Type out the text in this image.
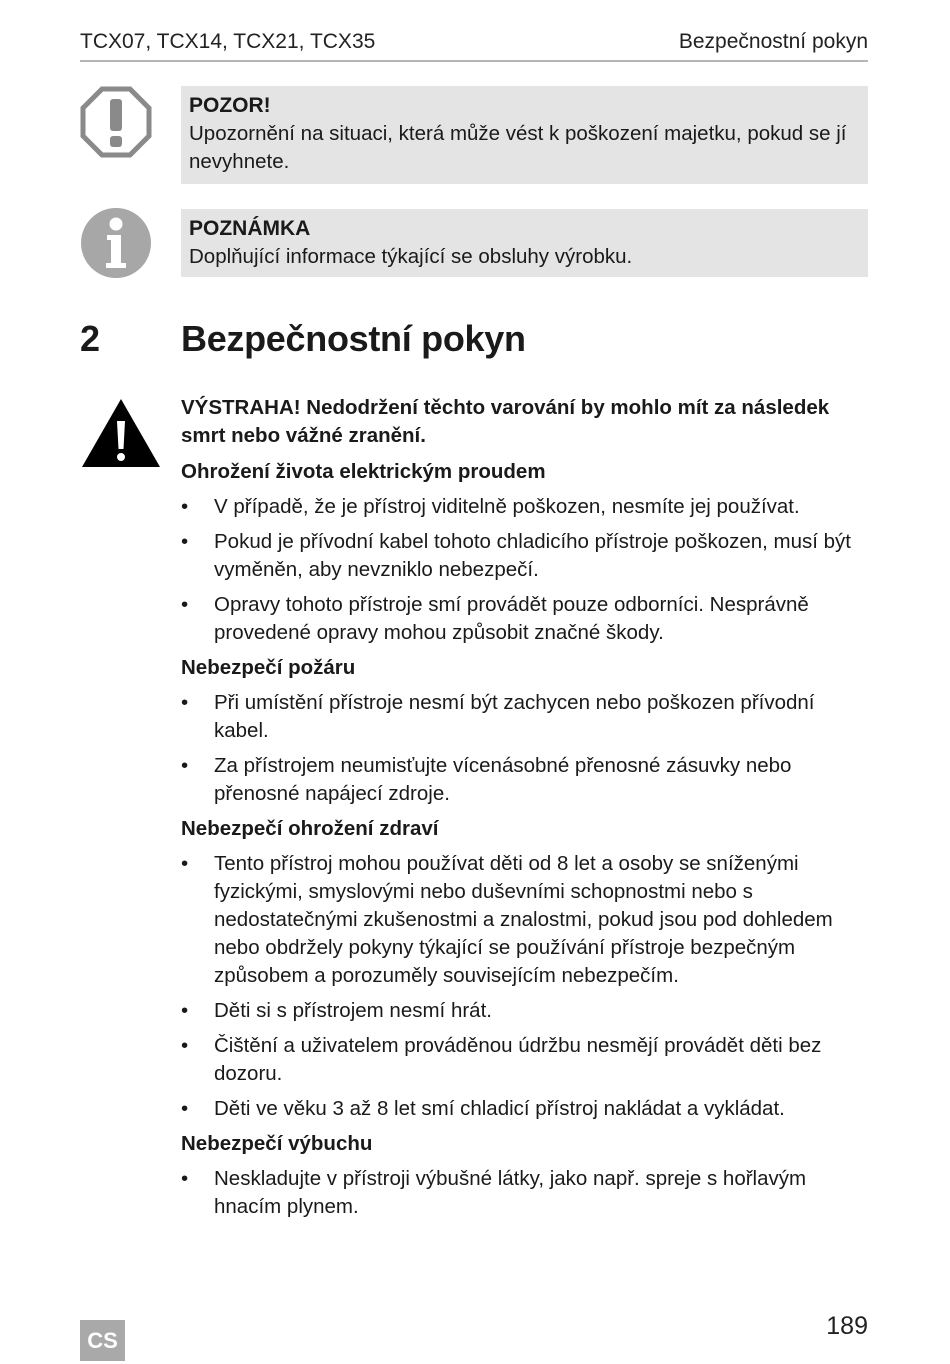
TCX07, TCX14, TCX21, TCX35	Bezpečnostní pokyn
POZOR!
Upozornění na situaci, která může vést k poškození majetku, pokud se jí nevyhnete.
POZNÁMKA
Doplňující informace týkající se obsluhy výrobku.
2 Bezpečnostní pokyn
VÝSTRAHA! Nedodržení těchto varování by mohlo mít za následek smrt nebo vážné zranění.
Ohrožení života elektrickým proudem
• V případě, že je přístroj viditelně poškozen, nesmíte jej používat.
• Pokud je přívodní kabel tohoto chladicího přístroje poškozen, musí být vyměněn, aby nevzniklo nebezpečí.
• Opravy tohoto přístroje smí provádět pouze odborníci. Nesprávně provedené opravy mohou způsobit značné škody.
Nebezpečí požáru
• Při umístění přístroje nesmí být zachycen nebo poškozen přívodní kabel.
• Za přístrojem neumisťujte vícenásobné přenosné zásuvky nebo přenosné napájecí zdroje.
Nebezpečí ohrožení zdraví
• Tento přístroj mohou používat děti od 8 let a osoby se sníženými fyzickými, smyslovými nebo duševními schopnostmi nebo s nedostatečnými zkušenostmi a znalostmi, pokud jsou pod dohledem nebo obdržely pokyny týkající se používání přístroje bezpečným způsobem a porozuměly souvisejícím nebezpečím.
• Děti si s přístrojem nesmí hrát.
• Čištění a uživatelem prováděnou údržbu nesmějí provádět děti bez dozoru.
• Děti ve věku 3 až 8 let smí chladicí přístroj nakládat a vykládat.
Nebezpečí výbuchu
• Neskladujte v přístroji výbušné látky, jako např. spreje s hořlavým hnacím plynem.
CS	189
